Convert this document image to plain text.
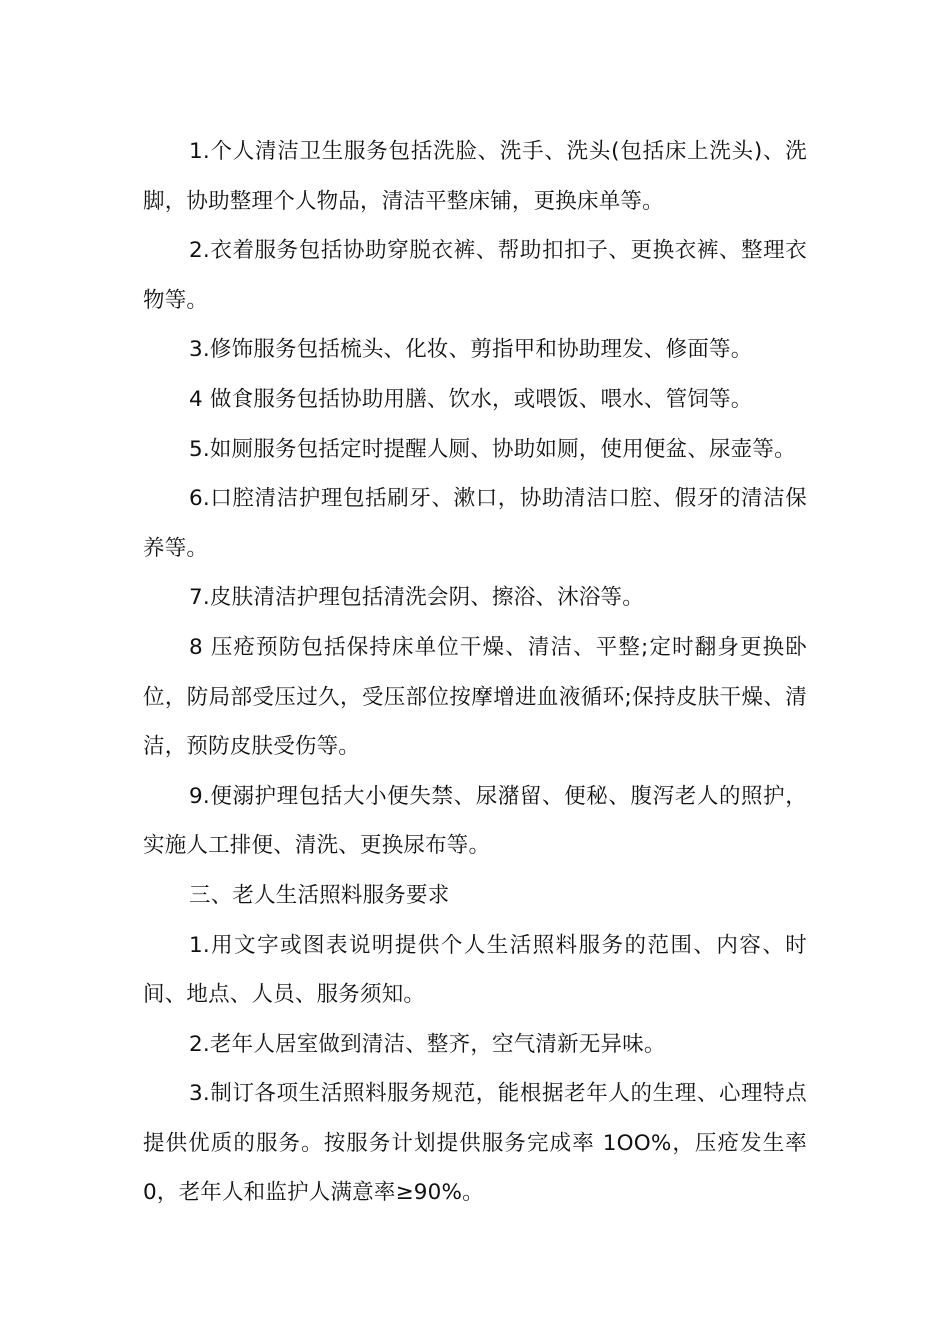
1.个人清洁卫生服务包括洗脸、洗手、洗头(包括床上洗头)、洗脚，协助整理个人物品，清洁平整床铺，更换床单等。

2.衣着服务包括协助穿脱衣裤、帮助扣扣子、更换衣裤、整理衣物等。

3.修饰服务包括梳头、化妆、剪指甲和协助理发、修面等。

4 做食服务包括协助用膳、饮水，或喂饭、喂水、管饲等。

5.如厕服务包括定时提醒人厕、协助如厕，使用便盆、尿壶等。

6.口腔清洁护理包括刷牙、漱口，协助清洁口腔、假牙的清洁保养等。

7.皮肤清洁护理包括清洗会阴、擦浴、沐浴等。

8 压疮预防包括保持床单位干燥、清洁、平整;定时翻身更换卧位，防局部受压过久，受压部位按摩增进血液循环;保持皮肤干燥、清洁，预防皮肤受伤等。

9.便溺护理包括大小便失禁、尿潴留、便秘、腹泻老人的照护，实施人工排便、清洗、更换尿布等。

三、老人生活照料服务要求

1.用文字或图表说明提供个人生活照料服务的范围、内容、时间、地点、人员、服务须知。

2.老年人居室做到清洁、整齐，空气清新无异味。

3.制订各项生活照料服务规范，能根据老年人的生理、心理特点提供优质的服务。按服务计划提供服务完成率 1OO%，压疮发生率 0，老年人和监护人满意率≥90%。
